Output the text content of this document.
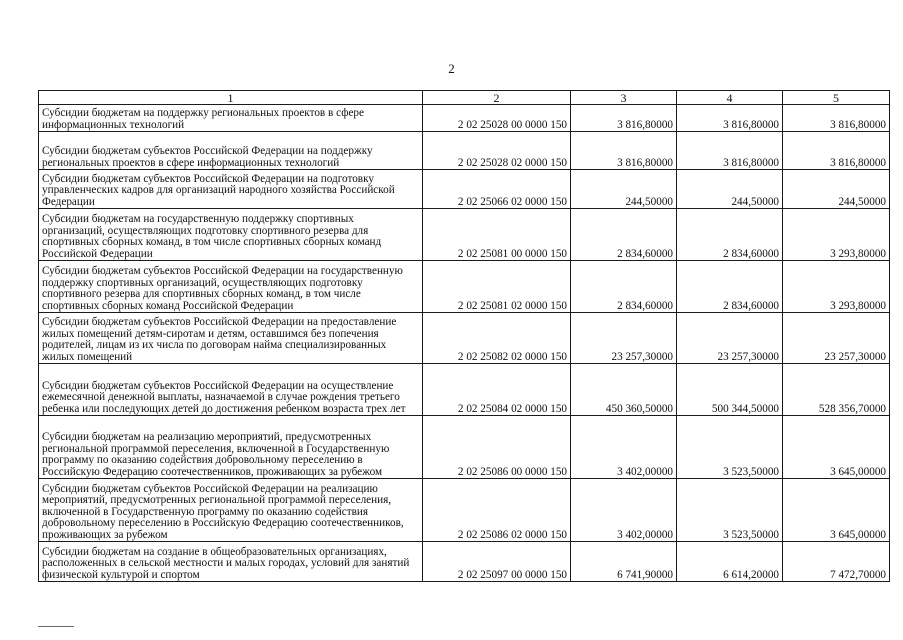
2
1	2	3	4	5
Субсидии бюджетам на поддержку региональных проектов в сфере информационных технологий	2 02 25028 00 0000 150	3 816,80000	3 816,80000	3 816,80000
Субсидии бюджетам субъектов Российской Федерации на поддержку региональных проектов в сфере информационных технологий	2 02 25028 02 0000 150	3 816,80000	3 816,80000	3 816,80000
Субсидии бюджетам субъектов Российской Федерации на подготовку управленческих кадров для организаций народного хозяйства Российской Федерации	2 02 25066 02 0000 150	244,50000	244,50000	244,50000
Субсидии бюджетам на государственную поддержку спортивных организаций, осуществляющих подготовку спортивного резерва для спортивных сборных команд, в том числе спортивных сборных команд Российской Федерации	2 02 25081 00 0000 150	2 834,60000	2 834,60000	3 293,80000
Субсидии бюджетам субъектов Российской Федерации на государственную поддержку спортивных организаций, осуществляющих подготовку спортивного резерва для спортивных сборных команд, в том числе спортивных сборных команд Российской Федерации	2 02 25081 02 0000 150	2 834,60000	2 834,60000	3 293,80000
Субсидии бюджетам субъектов Российской Федерации на предоставление жилых помещений детям-сиротам и детям, оставшимся без попечения родителей, лицам из их числа по договорам найма специализированных жилых помещений	2 02 25082 02 0000 150	23 257,30000	23 257,30000	23 257,30000
Субсидии бюджетам субъектов Российской Федерации на осуществление ежемесячной денежной выплаты, назначаемой в случае рождения третьего ребенка или последующих детей до достижения ребенком возраста трех лет	2 02 25084 02 0000 150	450 360,50000	500 344,50000	528 356,70000
Субсидии бюджетам на реализацию мероприятий, предусмотренных региональной программой переселения, включенной в Государственную программу по оказанию содействия добровольному переселению в Российскую Федерацию соотечественников, проживающих за рубежом	2 02 25086 00 0000 150	3 402,00000	3 523,50000	3 645,00000
Субсидии бюджетам субъектов Российской Федерации на реализацию мероприятий, предусмотренных региональной программой переселения, включенной в Государственную программу по оказанию содействия добровольному переселению в Российскую Федерацию соотечественников, проживающих за рубежом	2 02 25086 02 0000 150	3 402,00000	3 523,50000	3 645,00000
Субсидии бюджетам на создание в общеобразовательных организациях, расположенных в сельской местности и малых городах, условий для занятий физической культурой и спортом	2 02 25097 00 0000 150	6 741,90000	6 614,20000	7 472,70000
